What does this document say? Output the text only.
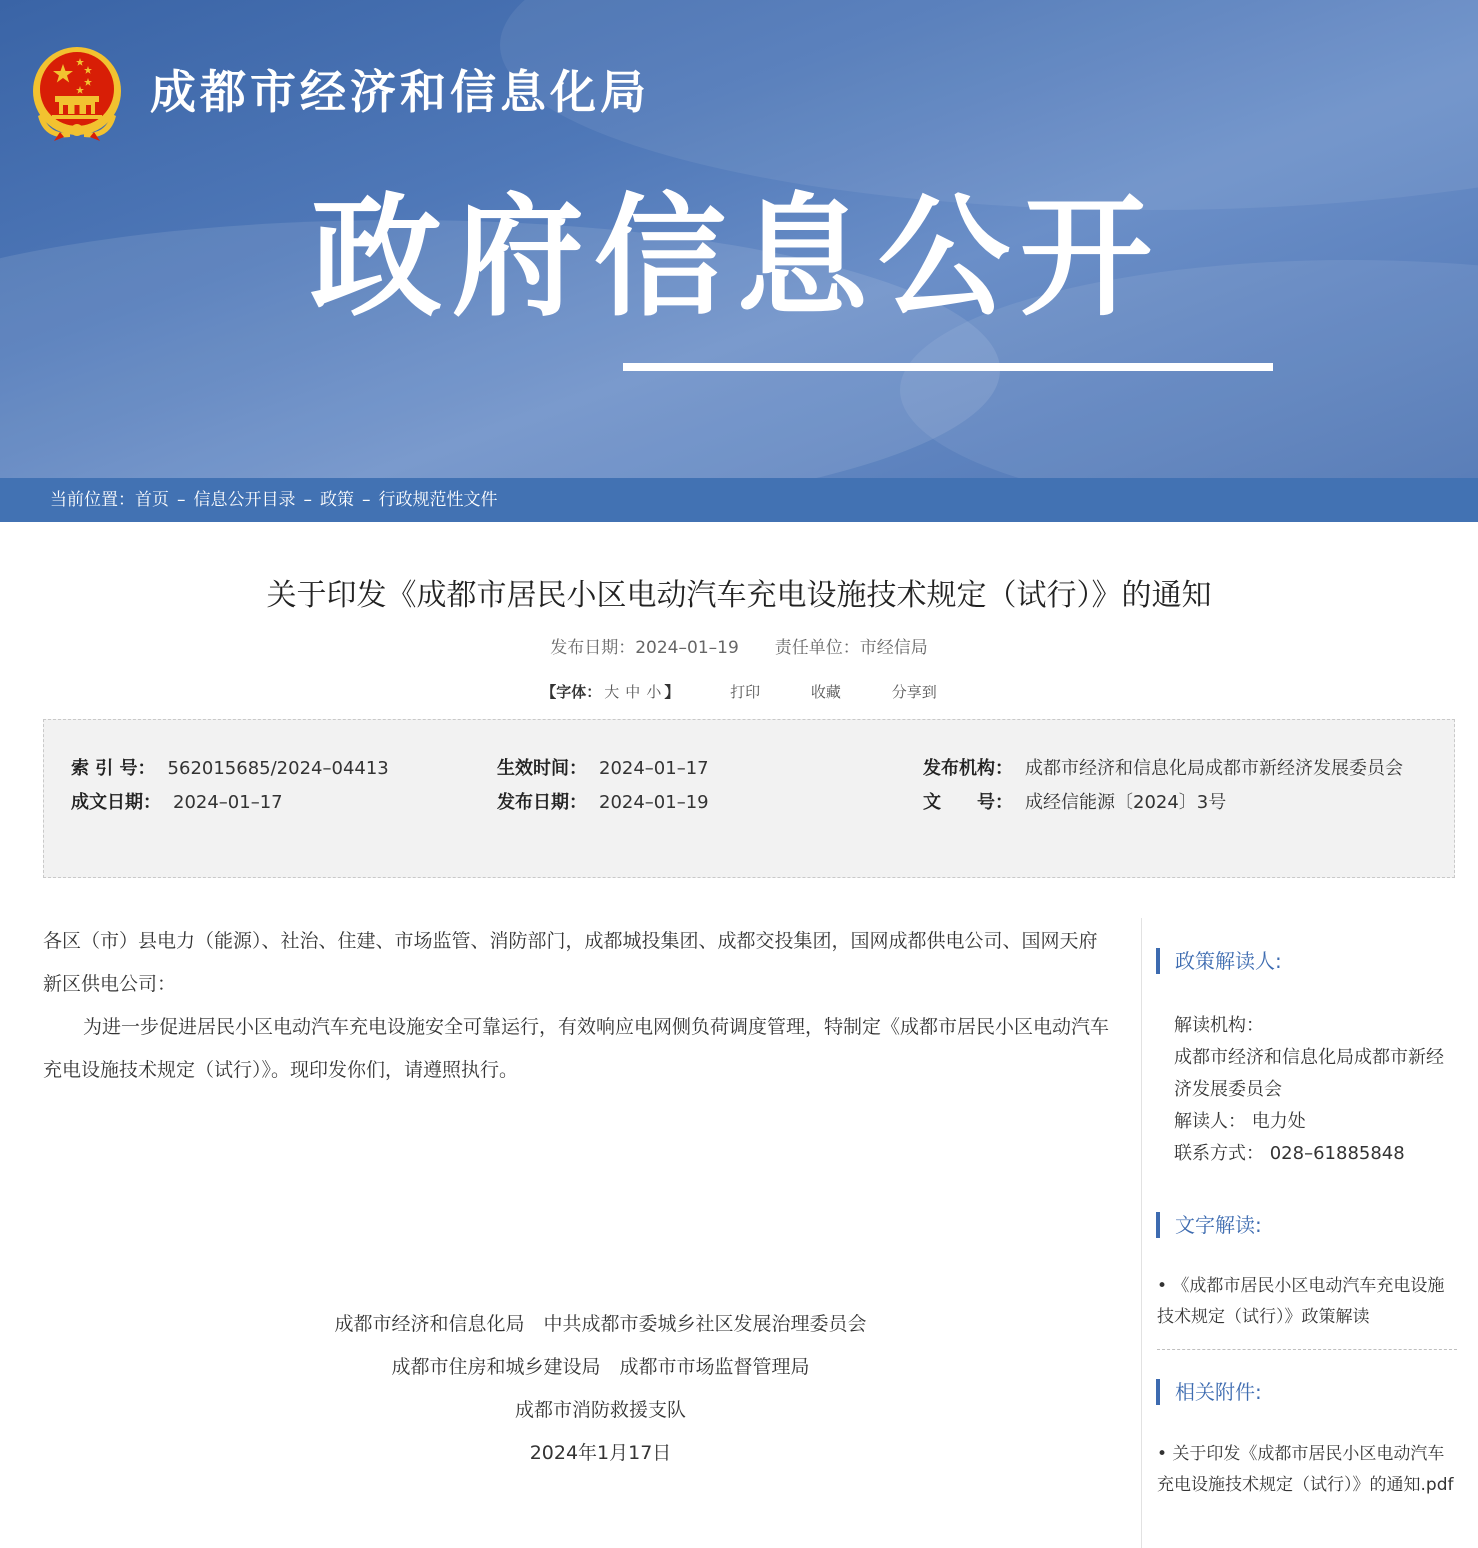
成都市经济和信息化局
政府信息公开
当前位置：首页 – 信息公开目录 – 政策 – 行政规范性文件
关于印发《成都市居民小区电动汽车充电设施技术规定（试行）》的通知
发布日期：2024–01–19 责任单位：市经信局
【字体： 大 中 小 】	打印	收藏	分享到
索 引 号： 562015685/2024–04413	生效时间： 2024–01–17	发布机构： 成都市经济和信息化局成都市新经济发展委员会
成文日期： 2024–01–17	发布日期： 2024–01–19	文　　号： 成经信能源〔2024〕3号

各区（市）县电力（能源）、社治、住建、市场监管、消防部门，成都城投集团、成都交投集团，国网成都供电公司、国网天府新区供电公司：

为进一步促进居民小区电动汽车充电设施安全可靠运行，有效响应电网侧负荷调度管理，特制定《成都市居民小区电动汽车充电设施技术规定（试行）》。现印发你们，请遵照执行。

成都市经济和信息化局　中共成都市委城乡社区发展治理委员会
成都市住房和城乡建设局　成都市市场监督管理局
成都市消防救援支队
2024年1月17日
政策解读人:
解读机构：
成都市经济和信息化局成都市新经济发展委员会
解读人： 电力处
联系方式： 028–61885848
文字解读:
• 《成都市居民小区电动汽车充电设施技术规定（试行）》政策解读
相关附件:
• 关于印发《成都市居民小区电动汽车充电设施技术规定（试行）》的通知.pdf
